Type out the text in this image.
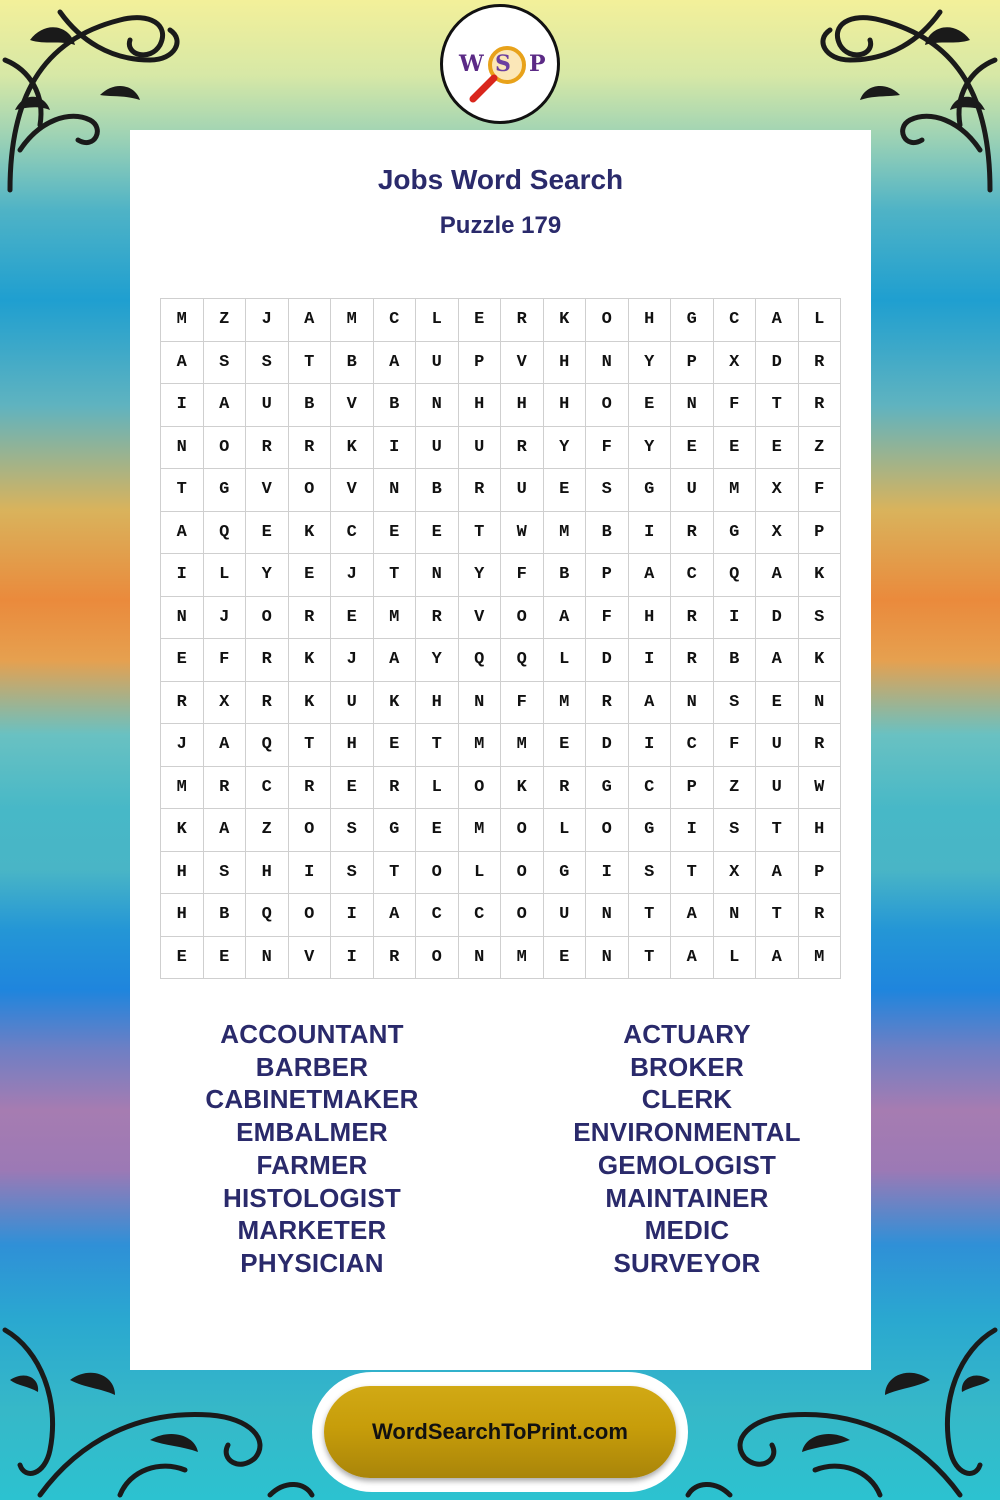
W S P
Jobs Word Search
Puzzle 179
M	Z	J	A	M	C	L	E	R	K	O	H	G	C	A	L
A	S	S	T	B	A	U	P	V	H	N	Y	P	X	D	R
I	A	U	B	V	B	N	H	H	H	O	E	N	F	T	R
N	O	R	R	K	I	U	U	R	Y	F	Y	E	E	E	Z
T	G	V	O	V	N	B	R	U	E	S	G	U	M	X	F
A	Q	E	K	C	E	E	T	W	M	B	I	R	G	X	P
I	L	Y	E	J	T	N	Y	F	B	P	A	C	Q	A	K
N	J	O	R	E	M	R	V	O	A	F	H	R	I	D	S
E	F	R	K	J	A	Y	Q	Q	L	D	I	R	B	A	K
R	X	R	K	U	K	H	N	F	M	R	A	N	S	E	N
J	A	Q	T	H	E	T	M	M	E	D	I	C	F	U	R
M	R	C	R	E	R	L	O	K	R	G	C	P	Z	U	W
K	A	Z	O	S	G	E	M	O	L	O	G	I	S	T	H
H	S	H	I	S	T	O	L	O	G	I	S	T	X	A	P
H	B	Q	O	I	A	C	C	O	U	N	T	A	N	T	R
E	E	N	V	I	R	O	N	M	E	N	T	A	L	A	M
ACCOUNTANT
BARBER
CABINETMAKER
EMBALMER
FARMER
HISTOLOGIST
MARKETER
PHYSICIAN
ACTUARY
BROKER
CLERK
ENVIRONMENTAL
GEMOLOGIST
MAINTAINER
MEDIC
SURVEYOR
WordSearchToPrint.com
